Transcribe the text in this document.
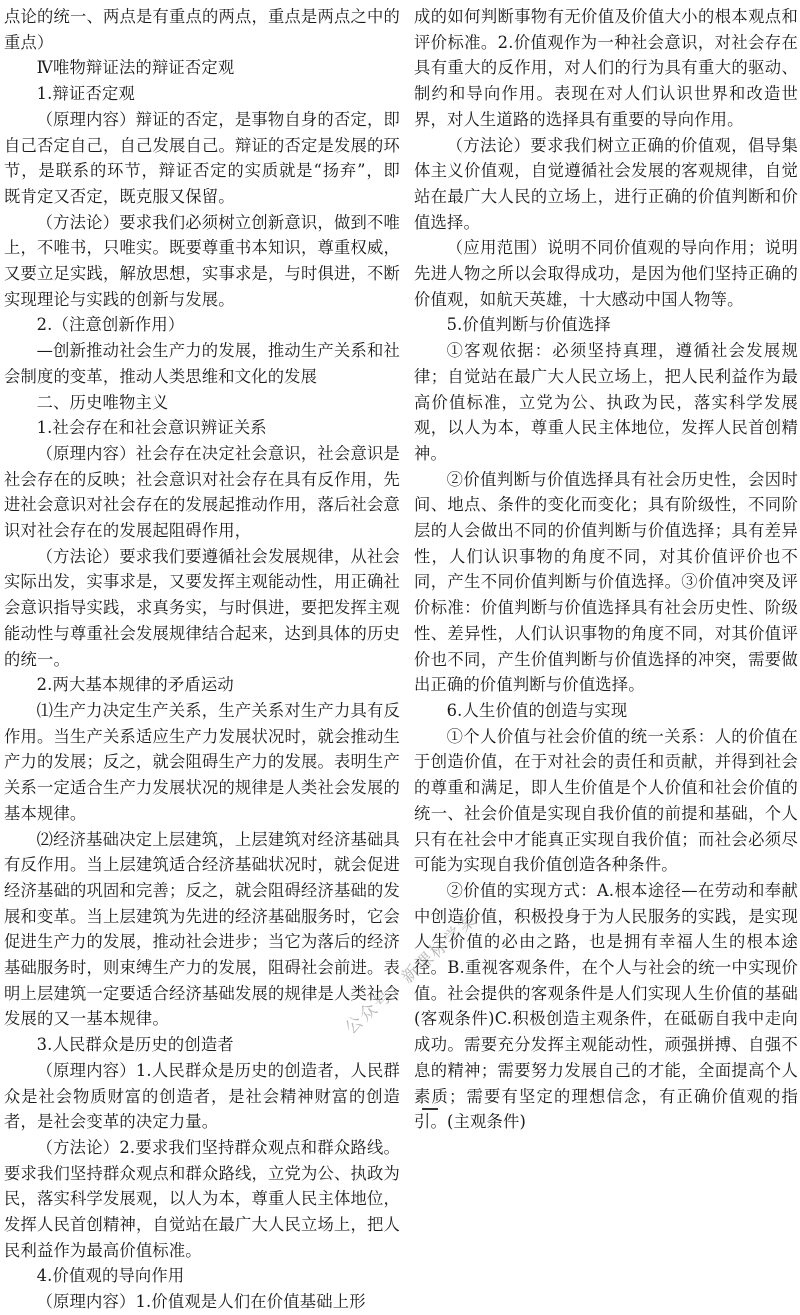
点论的统一、两点是有重点的两点，重点是两点之中的重点）

Ⅳ唯物辩证法的辩证否定观

1.辩证否定观

（原理内容）辩证的否定，是事物自身的否定，即自己否定自己，自己发展自己。辩证的否定是发展的环节，是联系的环节，辩证否定的实质就是“扬弃”，即既肯定又否定，既克服又保留。

（方法论）要求我们必须树立创新意识，做到不唯上，不唯书，只唯实。既要尊重书本知识，尊重权威，又要立足实践，解放思想，实事求是，与时俱进，不断实现理论与实践的创新与发展。

2.（注意创新作用）

—创新推动社会生产力的发展，推动生产关系和社会制度的变革，推动人类思维和文化的发展

二、历史唯物主义

1.社会存在和社会意识辨证关系

（原理内容）社会存在决定社会意识，社会意识是社会存在的反映；社会意识对社会存在具有反作用，先进社会意识对社会存在的发展起推动作用，落后社会意识对社会存在的发展起阻碍作用，

（方法论）要求我们要遵循社会发展规律，从社会实际出发，实事求是，又要发挥主观能动性，用正确社会意识指导实践，求真务实，与时俱进，要把发挥主观能动性与尊重社会发展规律结合起来，达到具体的历史的统一。

2.两大基本规律的矛盾运动

⑴生产力决定生产关系，生产关系对生产力具有反作用。当生产关系适应生产力发展状况时，就会推动生产力的发展；反之，就会阻碍生产力的发展。表明生产关系一定适合生产力发展状况的规律是人类社会发展的基本规律。

⑵经济基础决定上层建筑，上层建筑对经济基础具有反作用。当上层建筑适合经济基础状况时，就会促进经济基础的巩固和完善；反之，就会阻碍经济基础的发展和变革。当上层建筑为先进的经济基础服务时，它会促进生产力的发展，推动社会进步；当它为落后的经济基础服务时，则束缚生产力的发展，阻碍社会前进。表明上层建筑一定要适合经济基础发展的规律是人类社会发展的又一基本规律。

3.人民群众是历史的创造者

（原理内容）1.人民群众是历史的创造者，人民群众是社会物质财富的创造者，是社会精神财富的创造者，是社会变革的决定力量。

（方法论）2.要求我们坚持群众观点和群众路线。要求我们坚持群众观点和群众路线，立党为公、执政为民，落实科学发展观，以人为本，尊重人民主体地位，发挥人民首创精神，自觉站在最广大人民立场上，把人民利益作为最高价值标准。

4.价值观的导向作用

（原理内容）1.价值观是人们在价值基础上形

成的如何判断事物有无价值及价值大小的根本观点和评价标准。2.价值观作为一种社会意识，对社会存在具有重大的反作用，对人们的行为具有重大的驱动、制约和导向作用。表现在对人们认识世界和改造世界，对人生道路的选择具有重要的导向作用。

（方法论）要求我们树立正确的价值观，倡导集体主义价值观，自觉遵循社会发展的客观规律，自觉站在最广大人民的立场上，进行正确的价值判断和价值选择。

（应用范围）说明不同价值观的导向作用；说明先进人物之所以会取得成功，是因为他们坚持正确的价值观，如航天英雄，十大感动中国人物等。

5.价值判断与价值选择

①客观依据：必须坚持真理，遵循社会发展规律；自觉站在最广大人民立场上，把人民利益作为最高价值标准，立党为公、执政为民，落实科学发展观，以人为本，尊重人民主体地位，发挥人民首创精神。

②价值判断与价值选择具有社会历史性，会因时间、地点、条件的变化而变化；具有阶级性，不同阶层的人会做出不同的价值判断与价值选择；具有差异性，人们认识事物的角度不同，对其价值评价也不同，产生不同价值判断与价值选择。③价值冲突及评价标准：价值判断与价值选择具有社会历史性、阶级性、差异性，人们认识事物的角度不同，对其价值评价也不同，产生价值判断与价值选择的冲突，需要做出正确的价值判断与价值选择。

6.人生价值的创造与实现

①个人价值与社会价值的统一关系：人的价值在于创造价值，在于对社会的责任和贡献，并得到社会的尊重和满足，即人生价值是个人价值和社会价值的统一、社会价值是实现自我价值的前提和基础，个人只有在社会中才能真正实现自我价值；而社会必须尽可能为实现自我价值创造各种条件。

②价值的实现方式：A.根本途径—在劳动和奉献中创造价值，积极投身于为人民服务的实践，是实现人生价值的必由之路，也是拥有幸福人生的根本途径。B.重视客观条件，在个人与社会的统一中实现价值。社会提供的客观条件是人们实现人生价值的基础(客观条件)C.积极创造主观条件，在砥砺自我中走向成功。需要充分发挥主观能动性，顽强拼搏、自强不息的精神；需要努力发展自己的才能，全面提高个人素质；需要有坚定的理想信念，有正确价值观的指引。(主观条件)

公众号：新课标学案
